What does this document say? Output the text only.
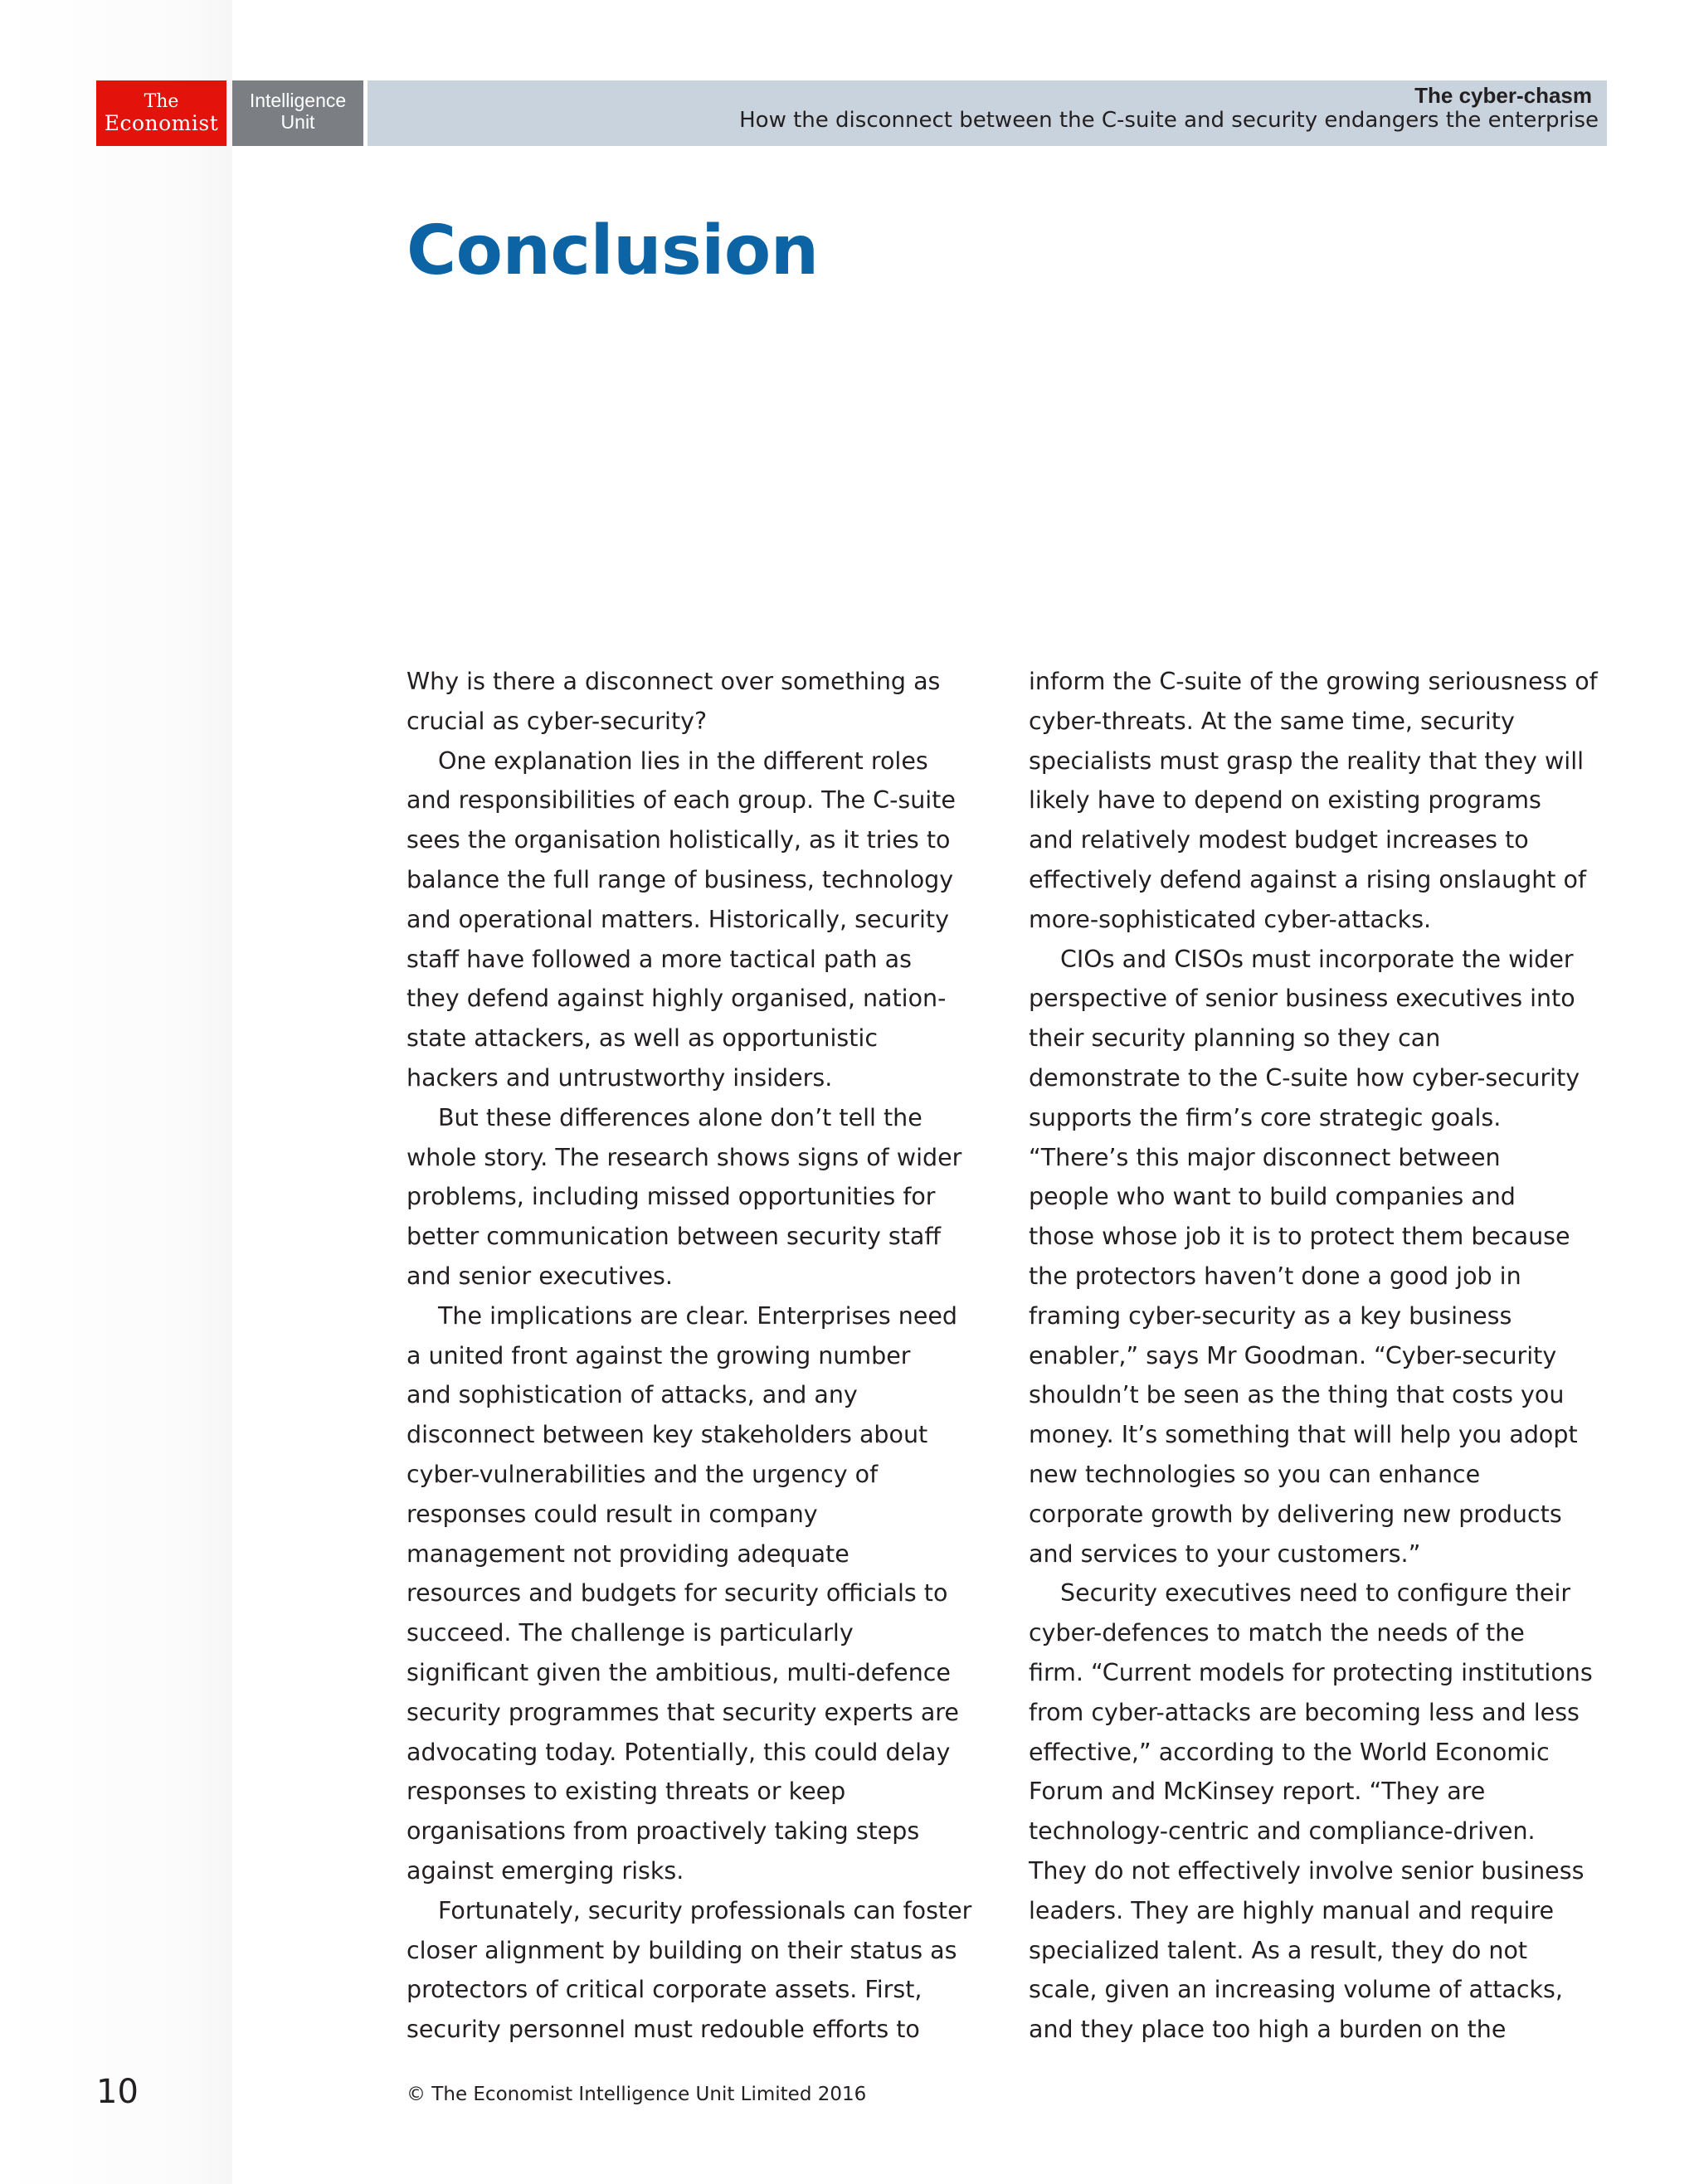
The
Economist
Intelligence
Unit
The cyber-chasm
How the disconnect between the C-suite and security endangers the enterprise
Conclusion
Why is there a disconnect over something as
crucial as cyber-security?
One explanation lies in the different roles
and responsibilities of each group. The C-suite
sees the organisation holistically, as it tries to
balance the full range of business, technology
and operational matters. Historically, security
staff have followed a more tactical path as
they defend against highly organised, nation-
state attackers, as well as opportunistic
hackers and untrustworthy insiders.
But these differences alone don’t tell the
whole story. The research shows signs of wider
problems, including missed opportunities for
better communication between security staff
and senior executives.
The implications are clear. Enterprises need
a united front against the growing number
and sophistication of attacks, and any
disconnect between key stakeholders about
cyber-vulnerabilities and the urgency of
responses could result in company
management not providing adequate
resources and budgets for security officials to
succeed. The challenge is particularly
significant given the ambitious, multi-defence
security programmes that security experts are
advocating today. Potentially, this could delay
responses to existing threats or keep
organisations from proactively taking steps
against emerging risks.
Fortunately, security professionals can foster
closer alignment by building on their status as
protectors of critical corporate assets. First,
security personnel must redouble efforts to
inform the C-suite of the growing seriousness of
cyber-threats. At the same time, security
specialists must grasp the reality that they will
likely have to depend on existing programs
and relatively modest budget increases to
effectively defend against a rising onslaught of
more-sophisticated cyber-attacks.
CIOs and CISOs must incorporate the wider
perspective of senior business executives into
their security planning so they can
demonstrate to the C-suite how cyber-security
supports the firm’s core strategic goals.
“There’s this major disconnect between
people who want to build companies and
those whose job it is to protect them because
the protectors haven’t done a good job in
framing cyber-security as a key business
enabler,” says Mr Goodman. “Cyber-security
shouldn’t be seen as the thing that costs you
money. It’s something that will help you adopt
new technologies so you can enhance
corporate growth by delivering new products
and services to your customers.”
Security executives need to configure their
cyber-defences to match the needs of the
firm. “Current models for protecting institutions
from cyber-attacks are becoming less and less
effective,” according to the World Economic
Forum and McKinsey report. “They are
technology-centric and compliance-driven.
They do not effectively involve senior business
leaders. They are highly manual and require
specialized talent. As a result, they do not
scale, given an increasing volume of attacks,
and they place too high a burden on the
10	© The Economist Intelligence Unit Limited 2016
